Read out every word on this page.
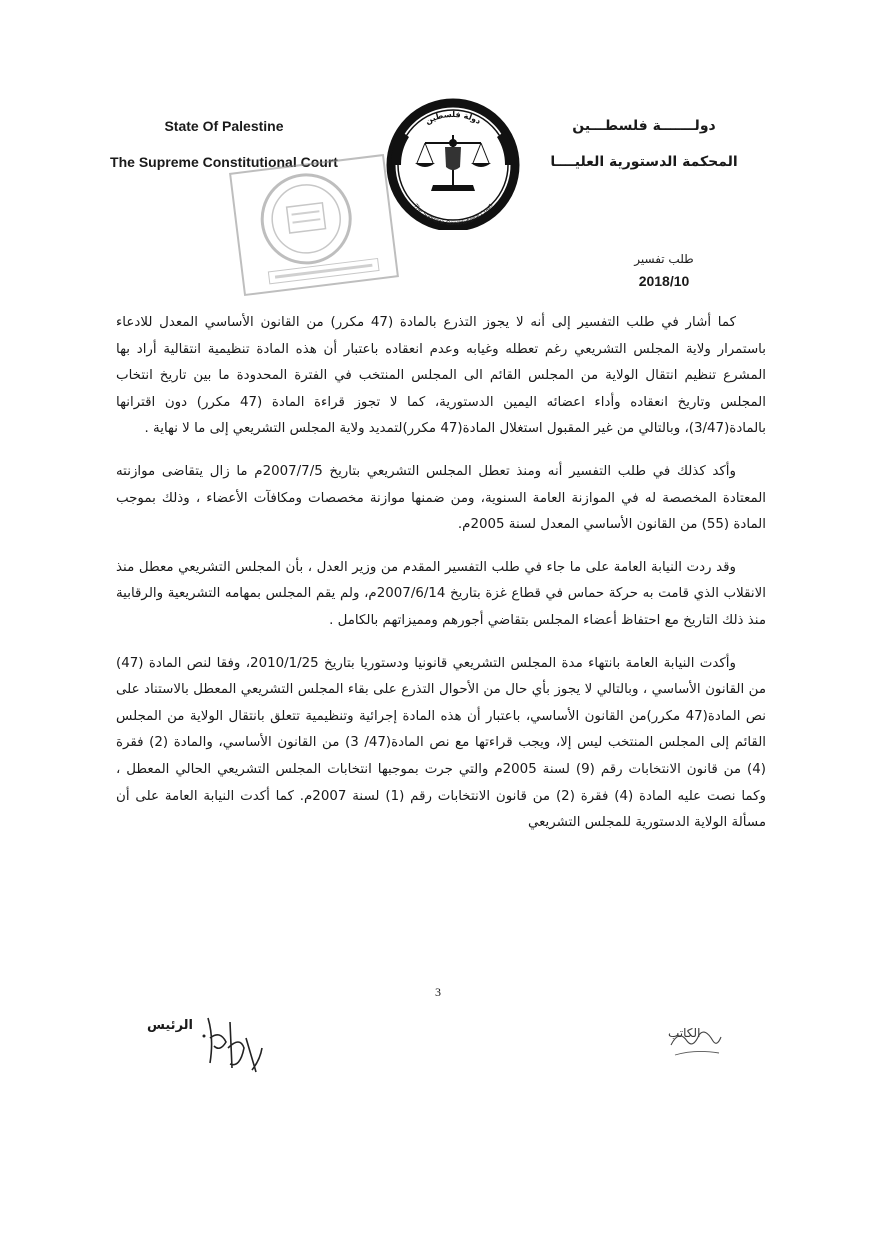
State Of Palestine
The Supreme Constitutional Court
دولـــــــة فلسطـــين
المحكمة الدستورية العليــــا
دولة فلسطين
The Supreme Constitutional Court
طلب تفسير
2018/10

كما أشار في طلب التفسير إلى أنه لا يجوز التذرع بالمادة (47 مكرر) من القانون الأساسي المعدل للادعاء باستمرار ولاية المجلس التشريعي رغم تعطله وغيابه وعدم انعقاده باعتبار أن هذه المادة تنظيمية انتقالية أراد بها المشرع تنظيم انتقال الولاية من المجلس القائم الى المجلس المنتخب في الفترة المحدودة ما بين تاريخ انتخاب المجلس وتاريخ انعقاده وأداء اعضائه اليمين الدستورية، كما لا تجوز قراءة المادة (47 مكرر) دون اقترانها بالمادة(3/47)، وبالتالي من غير المقبول استغلال المادة(47 مكرر)لتمديد ولاية المجلس التشريعي إلى ما لا نهاية .

وأكد كذلك في طلب التفسير أنه ومنذ تعطل المجلس التشريعي بتاريخ 2007/7/5م ما زال يتقاضى موازنته المعتادة المخصصة له في الموازنة العامة السنوية، ومن ضمنها موازنة مخصصات ومكافآت الأعضاء ، وذلك بموجب المادة (55) من القانون الأساسي المعدل لسنة 2005م.

وقد ردت النيابة العامة على ما جاء في طلب التفسير المقدم من وزير العدل ، بأن المجلس التشريعي معطل منذ الانقلاب الذي قامت به حركة حماس في قطاع غزة بتاريخ 2007/6/14م، ولم يقم المجلس بمهامه التشريعية والرقابية منذ ذلك التاريخ مع احتفاظ أعضاء المجلس بتقاضي أجورهم ومميزاتهم بالكامل .

وأكدت النيابة العامة بانتهاء مدة المجلس التشريعي قانونيا ودستوريا بتاريخ 2010/1/25، وفقا لنص المادة (47) من القانون الأساسي ، وبالتالي لا يجوز بأي حال من الأحوال التذرع على بقاء المجلس التشريعي المعطل بالاستناد على نص المادة(47 مكرر)من القانون الأساسي، باعتبار أن هذه المادة إجرائية وتنظيمية تتعلق بانتقال الولاية من المجلس القائم إلى المجلس المنتخب ليس إلا، ويجب قراءتها مع نص المادة(47/ 3) من القانون الأساسي، والمادة (2) فقرة (4) من قانون الانتخابات رقم (9) لسنة 2005م والتي جرت بموجبها انتخابات المجلس التشريعي الحالي المعطل ، وكما نصت عليه المادة (4) فقرة (2) من قانون الانتخابات رقم (1) لسنة 2007م. كما أكدت النيابة العامة على أن مسألة الولاية الدستورية للمجلس التشريعي

3
الرئيس	الكاتب
